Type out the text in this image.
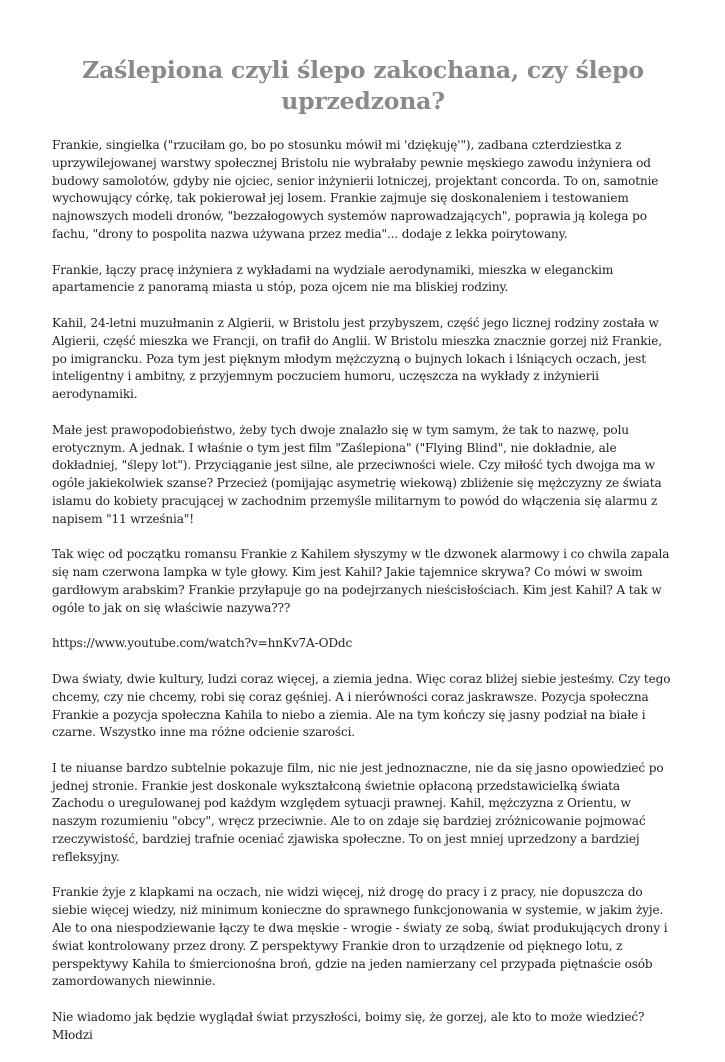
Zaślepiona czyli ślepo zakochana, czy ślepo uprzedzona?

Frankie, singielka ("rzuciłam go, bo po stosunku mówił mi 'dziękuję'"), zadbana czterdziestka z uprzywilejowanej warstwy społecznej Bristolu nie wybrałaby pewnie męskiego zawodu inżyniera od budowy samolotów, gdyby nie ojciec, senior inżynierii lotniczej, projektant concorda. To on, samotnie wychowujący córkę, tak pokierował jej losem. Frankie zajmuje się doskonaleniem i testowaniem najnowszych modeli dronów, "bezzałogowych systemów naprowadzających", poprawia ją kolega po fachu, "drony to pospolita nazwa używana przez media"... dodaje z lekka poirytowany.

Frankie, łączy pracę inżyniera z wykładami na wydziale aerodynamiki, mieszka w eleganckim apartamencie z panoramą miasta u stóp, poza ojcem nie ma bliskiej rodziny.

Kahil, 24-letni muzułmanin z Algierii, w Bristolu jest przybyszem, część jego licznej rodziny została w Algierii, część mieszka we Francji, on trafił do Anglii. W Bristolu mieszka znacznie gorzej niż Frankie, po imigrancku. Poza tym jest pięknym młodym mężczyzną o bujnych lokach i lśniących oczach, jest inteligentny i ambitny, z przyjemnym poczuciem humoru, uczęszcza na wykłady z inżynierii aerodynamiki.

Małe jest prawopodobieństwo, żeby tych dwoje znalazło się w tym samym, że tak to nazwę, polu erotycznym. A jednak. I właśnie o tym jest film "Zaślepiona" ("Flying Blind", nie dokładnie, ale dokładniej, "ślepy lot"). Przyciąganie jest silne, ale przeciwności wiele. Czy miłość tych dwojga ma w ogóle jakiekolwiek szanse? Przecież (pomijając asymetrię wiekową) zbliżenie się mężczyzny ze świata islamu do kobiety pracującej w zachodnim przemyśle militarnym to powód do włączenia się alarmu z napisem "11 września"!

Tak więc od początku romansu Frankie z Kahilem słyszymy w tle dzwonek alarmowy i co chwila zapala się nam czerwona lampka w tyle głowy. Kim jest Kahil? Jakie tajemnice skrywa? Co mówi w swoim gardłowym arabskim? Frankie przyłapuje go na podejrzanych nieścisłościach. Kim jest Kahil? A tak w ogóle to jak on się właściwie nazywa???

https://www.youtube.com/watch?v=hnKv7A-ODdc

Dwa światy, dwie kultury, ludzi coraz więcej, a ziemia jedna. Więc coraz bliżej siebie jesteśmy. Czy tego chcemy, czy nie chcemy, robi się coraz gęśniej. A i nierówności coraz jaskrawsze. Pozycja społeczna Frankie a pozycja społeczna Kahila to niebo a ziemia. Ale na tym kończy się jasny podział na białe i czarne. Wszystko inne ma różne odcienie szarości.

I te niuanse bardzo subtelnie pokazuje film, nic nie jest jednoznaczne, nie da się jasno opowiedzieć po jednej stronie. Frankie jest doskonale wykształconą świetnie opłaconą przedstawicielką świata Zachodu o uregulowanej pod każdym względem sytuacji prawnej. Kahil, mężczyzna z Orientu, w naszym rozumieniu "obcy", wręcz przeciwnie. Ale to on zdaje się bardziej zróżnicowanie pojmować rzeczywistość, bardziej trafnie oceniać zjawiska społeczne. To on jest mniej uprzedzony a bardziej refleksyjny.

Frankie żyje z klapkami na oczach, nie widzi więcej, niż drogę do pracy i z pracy, nie dopuszcza do siebie więcej wiedzy, niż minimum konieczne do sprawnego funkcjonowania w systemie, w jakim żyje. Ale to ona niespodziewanie łączy te dwa męskie - wrogie - światy ze sobą, świat produkujących drony i świat kontrolowany przez drony. Z perspektywy Frankie dron to urządzenie od pięknego lotu, z perspektywy Kahila to śmiercionośna broń, gdzie na jeden namierzany cel przypada piętnaście osób zamordowanych niewinnie.

Nie wiadomo jak będzie wyglądał świat przyszłości, boimy się, że gorzej, ale kto to może wiedzieć? Młodzi
